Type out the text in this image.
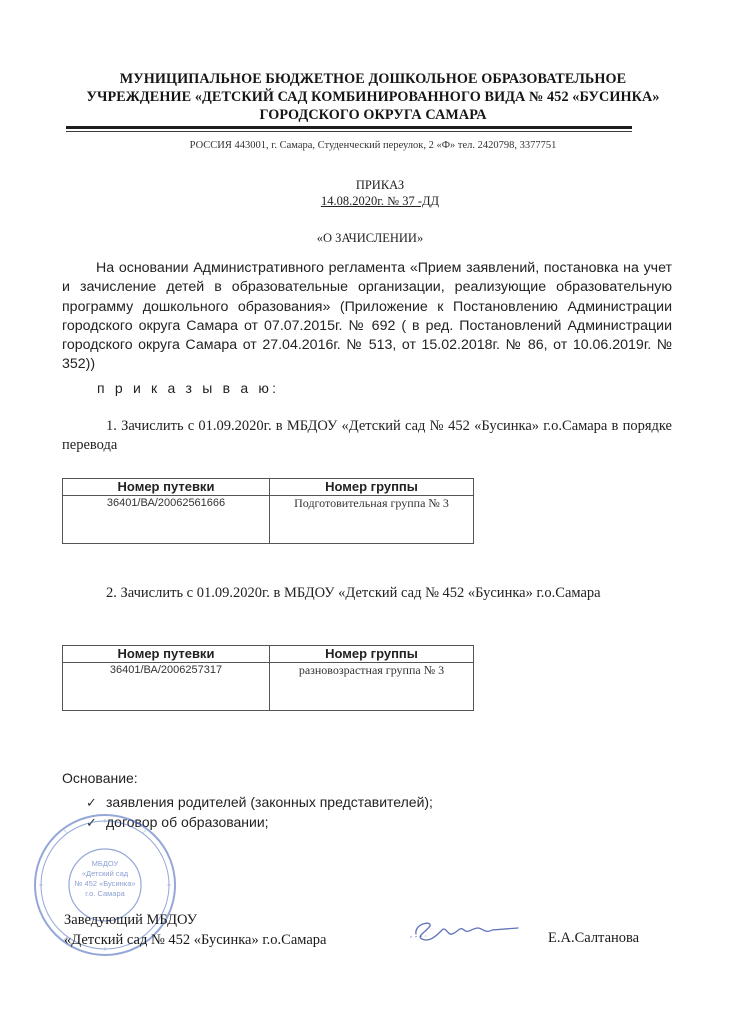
МУНИЦИПАЛЬНОЕ БЮДЖЕТНОЕ ДОШКОЛЬНОЕ ОБРАЗОВАТЕЛЬНОЕ
УЧРЕЖДЕНИЕ «ДЕТСКИЙ САД КОМБИНИРОВАННОГО ВИДА № 452 «БУСИНКА»
ГОРОДСКОГО ОКРУГА САМАРА
РОССИЯ 443001, г. Самара, Студенческий переулок, 2 «Ф» тел. 2420798, 3377751
ПРИКАЗ
14.08.2020г. № 37 -ДД
«О ЗАЧИСЛЕНИИ»
На основании Административного регламента «Прием заявлений, постановка на учет и зачисление детей в образовательные организации, реализующие образовательную программу дошкольного образования» (Приложение к Постановлению Администрации городского округа Самара от 07.07.2015г. № 692 ( в ред. Постановлений Администрации городского округа Самара от 27.04.2016г. № 513, от 15.02.2018г. № 86, от 10.06.2019г. № 352))
п р и к а з ы в а ю:
1. Зачислить с 01.09.2020г. в МБДОУ «Детский сад № 452 «Бусинка» г.о.Самара в порядке перевода
Номер путевки	Номер группы
36401/ВА/20062561666	Подготовительная группа № 3
2. Зачислить с 01.09.2020г. в МБДОУ «Детский сад № 452 «Бусинка» г.о.Самара
Номер путевки	Номер группы
36401/ВА/2006257317	разновозрастная группа № 3
Основание:
✓ заявления родителей (законных представителей);
✓ договор об образовании;
МБДОУ
«Детский сад
№ 452 «Бусинка»
г.о. Самара
Заведующий МБДОУ
«Детский сад № 452 «Бусинка» г.о.Самара	Е.А.Салтанова
